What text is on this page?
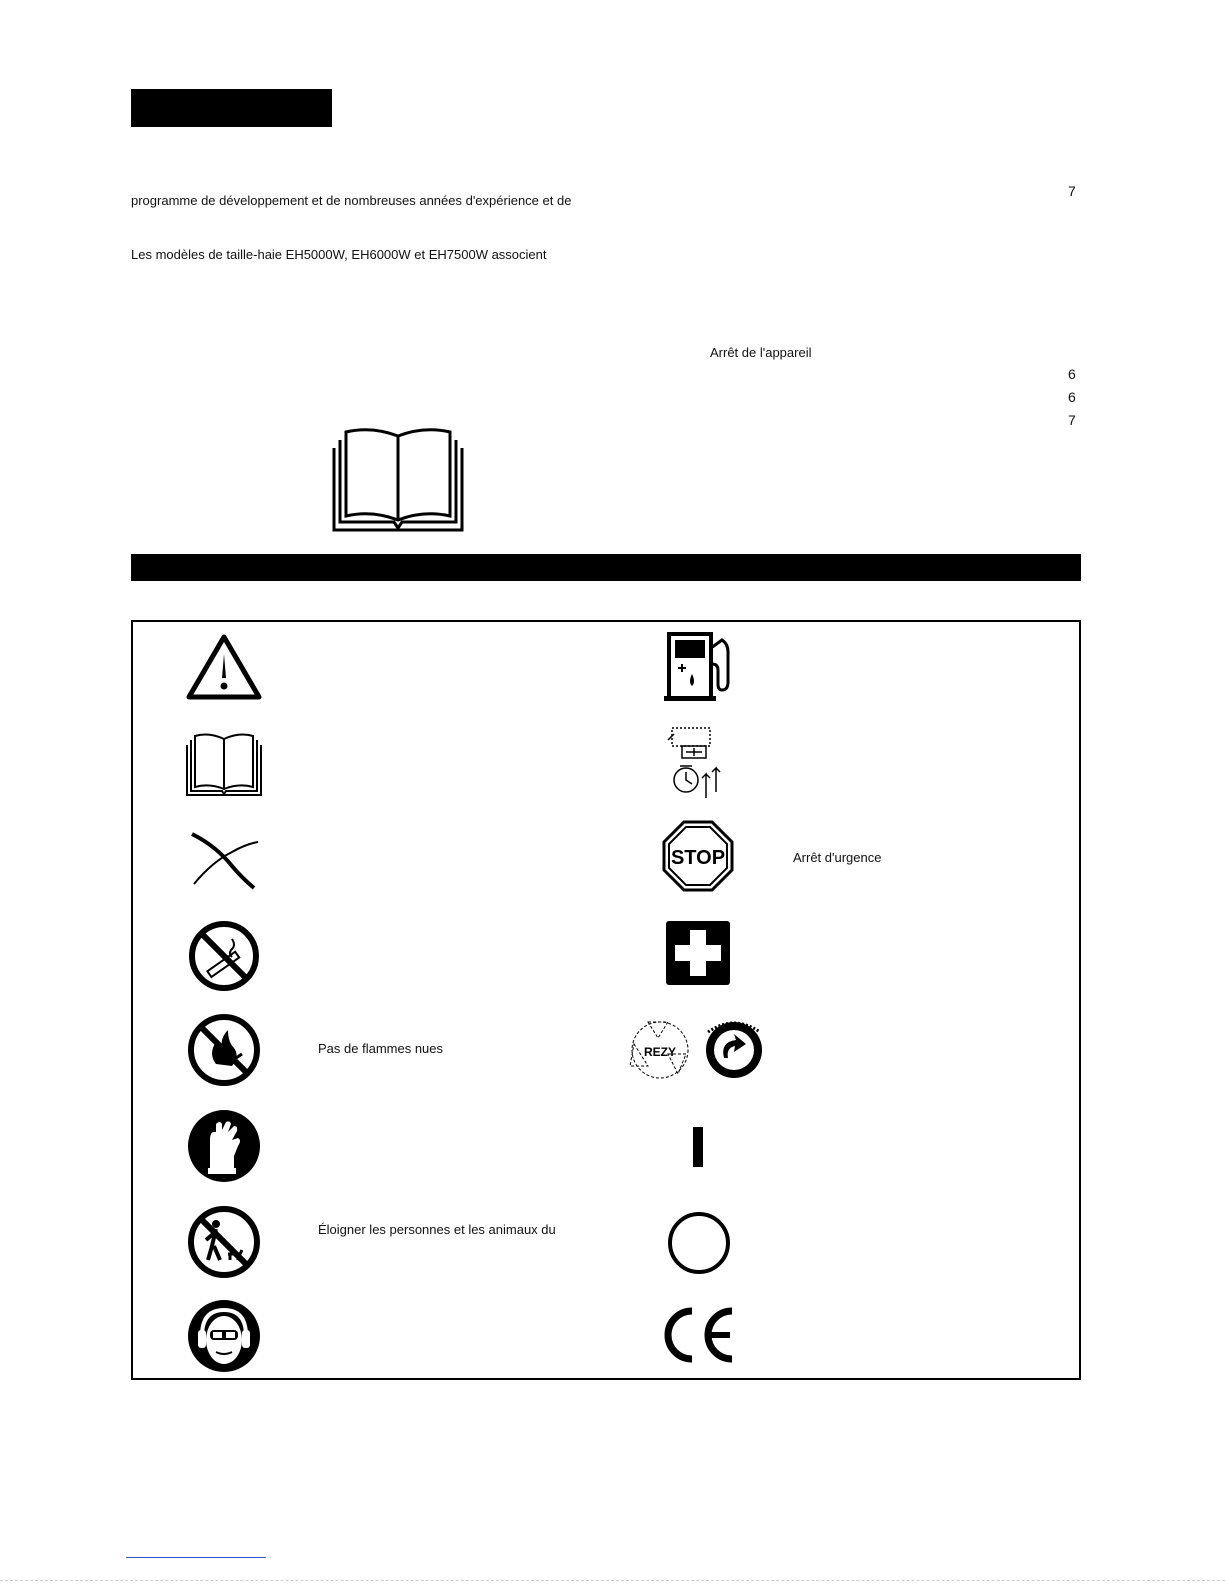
programme de développement et de nombreuses années d'expérience et de
Les modèles de taille-haie EH5000W, EH6000W et EH7500W associent
7
Arrêt de l'appareil
6
6
7
Pas de flammes nues
Éloigner les personnes et les animaux du
STOP	Arrêt d'urgence
REZY
